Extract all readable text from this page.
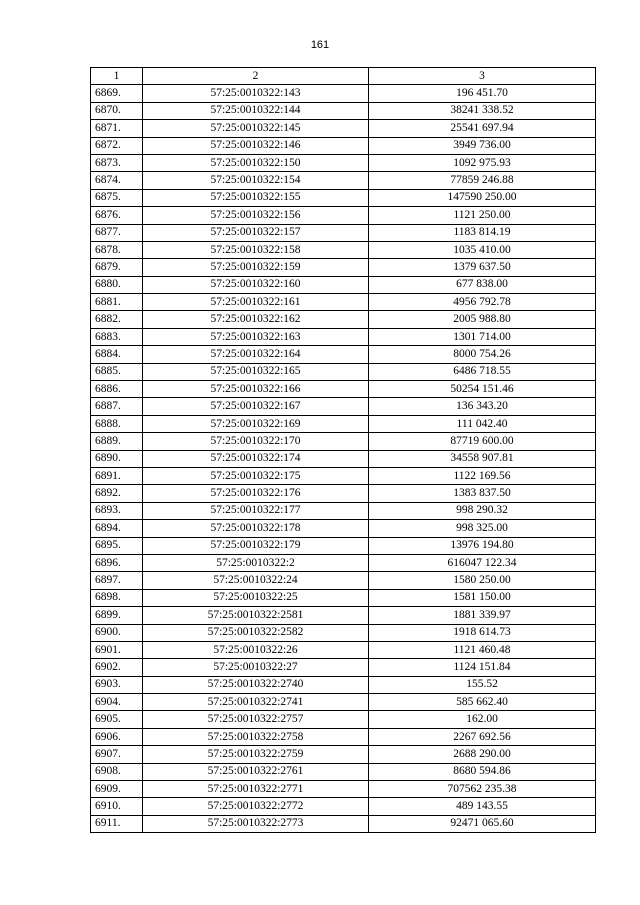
161
1	2	3
6869.	57:25:0010322:143	196 451.70
6870.	57:25:0010322:144	38241 338.52
6871.	57:25:0010322:145	25541 697.94
6872.	57:25:0010322:146	3949 736.00
6873.	57:25:0010322:150	1092 975.93
6874.	57:25:0010322:154	77859 246.88
6875.	57:25:0010322:155	147590 250.00
6876.	57:25:0010322:156	1121 250.00
6877.	57:25:0010322:157	1183 814.19
6878.	57:25:0010322:158	1035 410.00
6879.	57:25:0010322:159	1379 637.50
6880.	57:25:0010322:160	677 838.00
6881.	57:25:0010322:161	4956 792.78
6882.	57:25:0010322:162	2005 988.80
6883.	57:25:0010322:163	1301 714.00
6884.	57:25:0010322:164	8000 754.26
6885.	57:25:0010322:165	6486 718.55
6886.	57:25:0010322:166	50254 151.46
6887.	57:25:0010322:167	136 343.20
6888.	57:25:0010322:169	111 042.40
6889.	57:25:0010322:170	87719 600.00
6890.	57:25:0010322:174	34558 907.81
6891.	57:25:0010322:175	1122 169.56
6892.	57:25:0010322:176	1383 837.50
6893.	57:25:0010322:177	998 290.32
6894.	57:25:0010322:178	998 325.00
6895.	57:25:0010322:179	13976 194.80
6896.	57:25:0010322:2	616047 122.34
6897.	57:25:0010322:24	1580 250.00
6898.	57:25:0010322:25	1581 150.00
6899.	57:25:0010322:2581	1881 339.97
6900.	57:25:0010322:2582	1918 614.73
6901.	57:25:0010322:26	1121 460.48
6902.	57:25:0010322:27	1124 151.84
6903.	57:25:0010322:2740	155.52
6904.	57:25:0010322:2741	585 662.40
6905.	57:25:0010322:2757	162.00
6906.	57:25:0010322:2758	2267 692.56
6907.	57:25:0010322:2759	2688 290.00
6908.	57:25:0010322:2761	8680 594.86
6909.	57:25:0010322:2771	707562 235.38
6910.	57:25:0010322:2772	489 143.55
6911.	57:25:0010322:2773	92471 065.60
